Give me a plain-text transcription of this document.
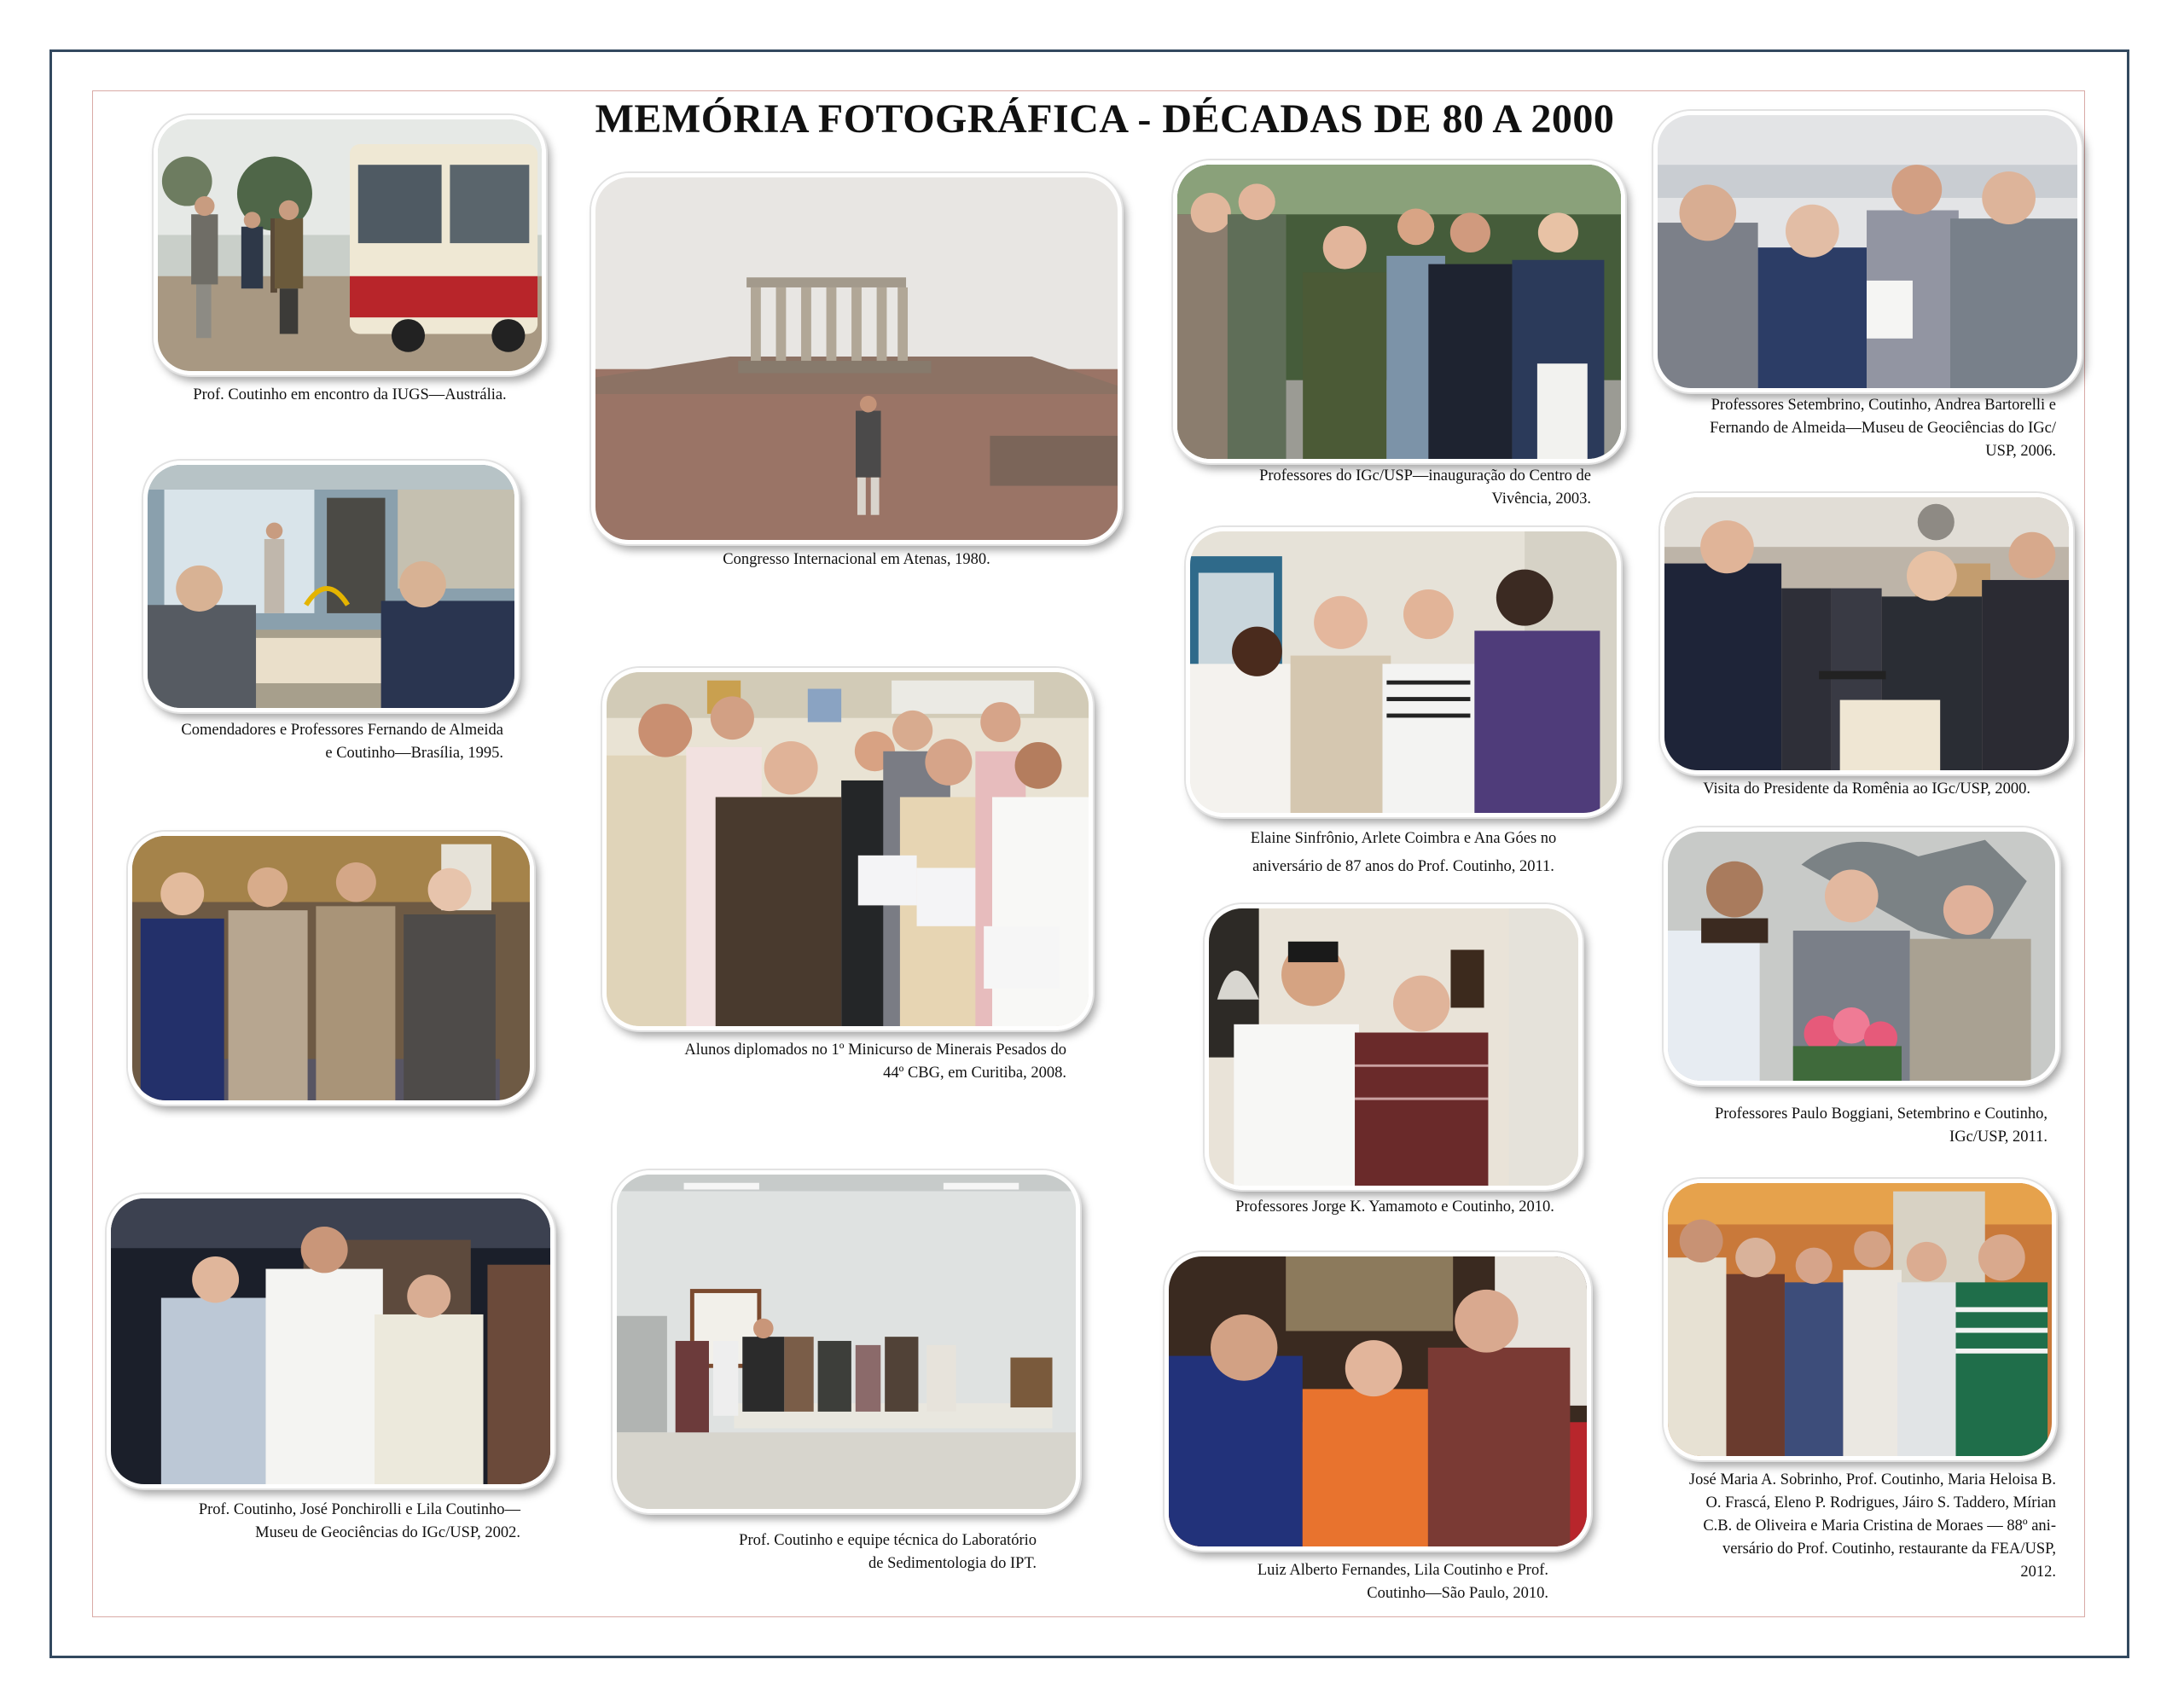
MEMÓRIA FOTOGRÁFICA - DÉCADAS DE 80 A 2000
Prof. Coutinho em encontro da IUGS—Austrália.
Comendadores e Professores Fernando de Almeida
e Coutinho—Brasília, 1995.
Prof. Coutinho, José Ponchirolli e Lila Coutinho—
Museu de Geociências do IGc/USP, 2002.
Congresso Internacional em Atenas, 1980.
Alunos diplomados no 1º Minicurso de Minerais Pesados do
44º CBG, em Curitiba, 2008.
Prof. Coutinho e equipe técnica do Laboratório
de Sedimentologia do IPT.
Professores do IGc/USP—inauguração do Centro de
Vivência, 2003.
Elaine Sinfrônio, Arlete Coimbra e Ana Góes no
aniversário de 87 anos do Prof. Coutinho, 2011.
Professores Jorge K. Yamamoto e Coutinho, 2010.
Luiz Alberto Fernandes, Lila Coutinho e Prof.
Coutinho—São Paulo, 2010.
Professores Setembrino, Coutinho, Andrea Bartorelli e
Fernando de Almeida—Museu de Geociências do IGc/
USP, 2006.
Visita do Presidente da Romênia ao IGc/USP, 2000.
Professores Paulo Boggiani, Setembrino e Coutinho,
IGc/USP, 2011.
José Maria A. Sobrinho, Prof. Coutinho, Maria Heloisa B.
O. Frascá, Eleno P. Rodrigues, Jáiro S. Taddero, Mírian
C.B. de Oliveira e Maria Cristina de Moraes — 88º ani-
versário do Prof. Coutinho, restaurante da FEA/USP,
2012.
